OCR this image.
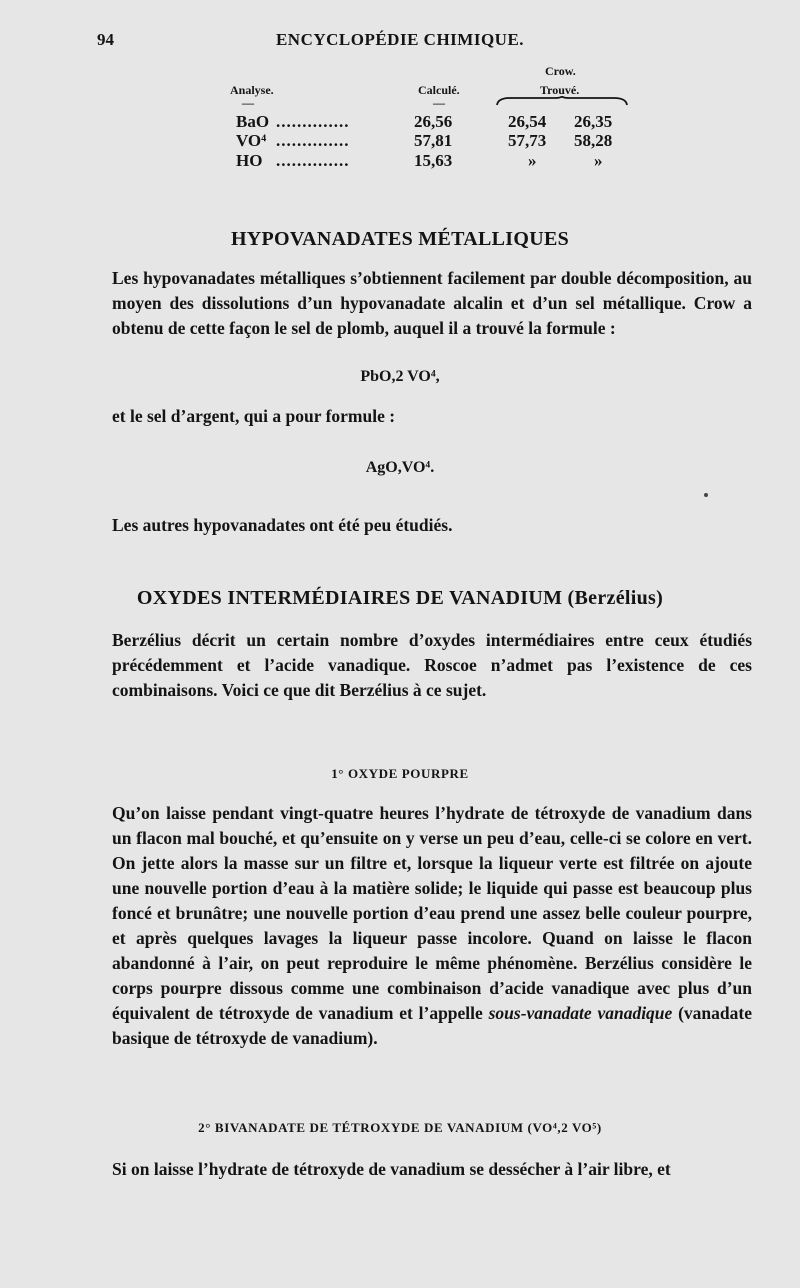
94	ENCYCLOPÉDIE CHIMIQUE.
Crow.
Analyse.	Calculé.	Trouvé.
—	—
BaO ..............	26,56	26,54 26,35
VO⁴ ..............	57,81	57,73 58,28
HO ..............	15,63	»	»
HYPOVANADATES MÉTALLIQUES
Les hypovanadates métalliques s’obtiennent facilement par double décomposition, au moyen des dissolutions d’un hypovanadate alcalin et d’un sel métallique. Crow a obtenu de cette façon le sel de plomb, auquel il a trouvé la formule :
PbO,2 VO⁴,
et le sel d’argent, qui a pour formule :
AgO,VO⁴.
Les autres hypovanadates ont été peu étudiés.
OXYDES INTERMÉDIAIRES DE VANADIUM (Berzélius)
Berzélius décrit un certain nombre d’oxydes intermédiaires entre ceux étudiés précédemment et l’acide vanadique. Roscoe n’admet pas l’existence de ces combinaisons. Voici ce que dit Berzélius à ce sujet.
1° OXYDE POURPRE
Qu’on laisse pendant vingt-quatre heures l’hydrate de tétroxyde de vanadium dans un flacon mal bouché, et qu’ensuite on y verse un peu d’eau, celle-ci se colore en vert. On jette alors la masse sur un filtre et, lorsque la liqueur verte est filtrée on ajoute une nouvelle portion d’eau à la matière solide; le liquide qui passe est beaucoup plus foncé et brunâtre; une nouvelle portion d’eau prend une assez belle couleur pourpre, et après quelques lavages la liqueur passe incolore. Quand on laisse le flacon abandonné à l’air, on peut reproduire le même phénomène. Berzélius considère le corps pourpre dissous comme une combinaison d’acide vanadique avec plus d’un équivalent de tétroxyde de vanadium et l’appelle sous-vanadate vanadique (vanadate basique de tétroxyde de vanadium).
2° BIVANADATE DE TÉTROXYDE DE VANADIUM (VO⁴,2 VO⁵)
Si on laisse l’hydrate de tétroxyde de vanadium se dessécher à l’air libre, et
